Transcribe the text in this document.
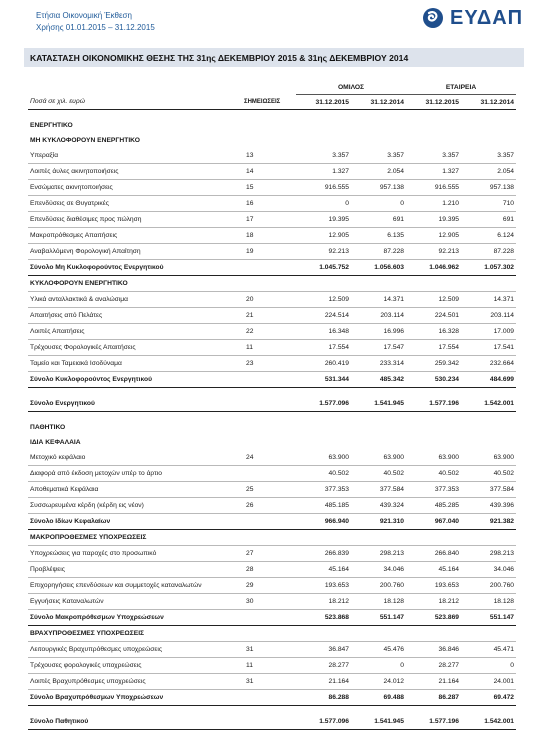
Ετήσια Οικονομική Έκθεση
Χρήσης 01.01.2015 – 31.12.2015	ΕΥΔΑΠ
ΚΑΤΑΣΤΑΣΗ ΟΙΚΟΝΟΜΙΚΗΣ ΘΕΣΗΣ ΤΗΣ 31ης ΔΕΚΕΜΒΡΙΟΥ 2015 & 31ης ΔΕΚΕΜΒΡΙΟΥ 2014
		ΟΜΙΛΟΣ		ΕΤΑΙΡΕΙΑ	
Ποσά σε χιλ. ευρώ	ΣΗΜΕΙΩΣΕΙΣ	31.12.2015	31.12.2014	31.12.2015	31.12.2014

ΕΝΕΡΓΗΤΙΚΟ					
ΜΗ ΚΥΚΛΟΦΟΡΟΥΝ ΕΝΕΡΓΗΤΙΚΟ					
Υπεραξία	13	3.357	3.357	3.357	3.357
Λοιπές άυλες ακινητοποιήσεις	14	1.327	2.054	1.327	2.054
Ενσώματες ακινητοποιήσεις	15	916.555	957.138	916.555	957.138
Επενδύσεις σε Θυγατρικές	16	0	0	1.210	710
Επενδύσεις διαθέσιμες προς πώληση	17	19.395	691	19.395	691
Μακροπρόθεσμες Απαιτήσεις	18	12.905	6.135	12.905	6.124
Αναβαλλόμενη Φορολογική Απαίτηση	19	92.213	87.228	92.213	87.228
Σύνολο Μη Κυκλοφορούντος Ενεργητικού		1.045.752	1.056.603	1.046.962	1.057.302
ΚΥΚΛΟΦΟΡΟΥΝ ΕΝΕΡΓΗΤΙΚΟ					
Υλικά ανταλλακτικά & αναλώσιμα	20	12.509	14.371	12.509	14.371
Απαιτήσεις από Πελάτες	21	224.514	203.114	224.501	203.114
Λοιπές Απαιτήσεις	22	16.348	16.996	16.328	17.009
Τρέχουσες Φορολογικές Απαιτήσεις	11	17.554	17.547	17.554	17.541
Ταμείο και Ταμειακά Ισοδύναμα	23	260.419	233.314	259.342	232.664
Σύνολο Κυκλοφορούντος Ενεργητικού		531.344	485.342	530.234	484.699

Σύνολο Ενεργητικού		1.577.096	1.541.945	1.577.196	1.542.001

ΠΑΘΗΤΙΚΟ					
ΙΔΙΑ ΚΕΦΑΛΑΙΑ					
Μετοχικό κεφάλαιο	24	63.900	63.900	63.900	63.900
Διαφορά από έκδοση μετοχών υπέρ το άρτιο		40.502	40.502	40.502	40.502
Αποθεματικά Κεφάλαια	25	377.353	377.584	377.353	377.584
Συσσωρευμένα κέρδη (κέρδη εις νέον)	26	485.185	439.324	485.285	439.396
Σύνολο Ιδίων Κεφαλαίων		966.940	921.310	967.040	921.382
ΜΑΚΡΟΠΡΟΘΕΣΜΕΣ ΥΠΟΧΡΕΩΣΕΙΣ					
Υποχρεώσεις για παροχές στο προσωπικό	27	266.839	298.213	266.840	298.213
Προβλέψεις	28	45.164	34.046	45.164	34.046
Επιχορηγήσεις επενδύσεων και συμμετοχές καταναλωτών	29	193.653	200.760	193.653	200.760
Εγγυήσεις Καταναλωτών	30	18.212	18.128	18.212	18.128
Σύνολο Μακροπρόθεσμων Υποχρεώσεων		523.868	551.147	523.869	551.147
ΒΡΑΧΥΠΡΟΘΕΣΜΕΣ ΥΠΟΧΡΕΩΣΕΙΣ					
Λειτουργικές Βραχυπρόθεσμες υποχρεώσεις	31	36.847	45.476	36.846	45.471
Τρέχουσες φορολογικές υποχρεώσεις	11	28.277	0	28.277	0
Λοιπές Βραχυπρόθεσμες υποχρεώσεις	31	21.164	24.012	21.164	24.001
Σύνολο Βραχυπρόθεσμων Υποχρεώσεων		86.288	69.488	86.287	69.472

Σύνολο Παθητικού		1.577.096	1.541.945	1.577.196	1.542.001
